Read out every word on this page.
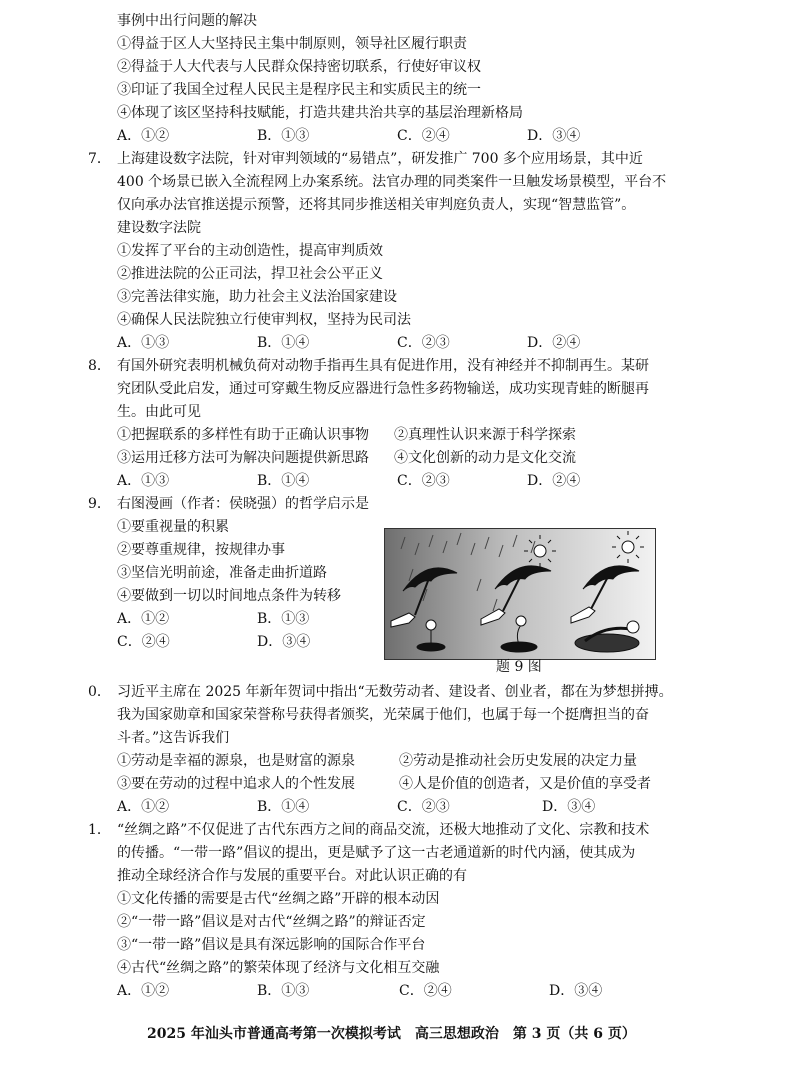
事例中出行问题的解决
①得益于区人大坚持民主集中制原则，领导社区履行职责
②得益于人大代表与人民群众保持密切联系，行使好审议权
③印证了我国全过程人民民主是程序民主和实质民主的统一
④体现了该区坚持科技赋能，打造共建共治共享的基层治理新格局
A．①②	B．①③	C．②④	D．③④
7． 上海建设数字法院，针对审判领域的“易错点”，研发推广 700 多个应用场景，其中近
400 个场景已嵌入全流程网上办案系统。法官办理的同类案件一旦触发场景模型，平台不
仅向承办法官推送提示预警，还将其同步推送相关审判庭负责人，实现“智慧监管”。
建设数字法院
①发挥了平台的主动创造性，提高审判质效
②推进法院的公正司法，捍卫社会公平正义
③完善法律实施，助力社会主义法治国家建设
④确保人民法院独立行使审判权，坚持为民司法
A．①③	B．①④	C．②③	D．②④
8． 有国外研究表明机械负荷对动物手指再生具有促进作用，没有神经并不抑制再生。某研
究团队受此启发，通过可穿戴生物反应器进行急性多药物输送，成功实现青蛙的断腿再
生。由此可见
①把握联系的多样性有助于正确认识事物 ②真理性认识来源于科学探索
③运用迁移方法可为解决问题提供新思路 ④文化创新的动力是文化交流
A．①③	B．①④	C．②③	D．②④
9． 右图漫画（作者：侯晓强）的哲学启示是
①要重视量的积累
②要尊重规律，按规律办事
③坚信光明前途，准备走曲折道路
④要做到一切以时间地点条件为转移
A．①②	B．①③
C．②④	D．③④
题 9 图
0． 习近平主席在 2025 年新年贺词中指出“无数劳动者、建设者、创业者，都在为梦想拼搏。
我为国家勋章和国家荣誉称号获得者颁奖，光荣属于他们，也属于每一个挺膺担当的奋
斗者。”这告诉我们
①劳动是幸福的源泉，也是财富的源泉	②劳动是推动社会历史发展的决定力量
③要在劳动的过程中追求人的个性发展	④人是价值的创造者，又是价值的享受者
A．①②	B．①④	C．②③	D．③④
1． “丝绸之路”不仅促进了古代东西方之间的商品交流，还极大地推动了文化、宗教和技术
的传播。“一带一路”倡议的提出，更是赋予了这一古老通道新的时代内涵，使其成为
推动全球经济合作与发展的重要平台。对此认识正确的有
①文化传播的需要是古代“丝绸之路”开辟的根本动因
②“一带一路”倡议是对古代“丝绸之路”的辩证否定
③“一带一路”倡议是具有深远影响的国际合作平台
④古代“丝绸之路”的繁荣体现了经济与文化相互交融
A．①②	B．①③	C．②④	D．③④
2025 年汕头市普通高考第一次模拟考试　高三思想政治　第 3 页（共 6 页）
